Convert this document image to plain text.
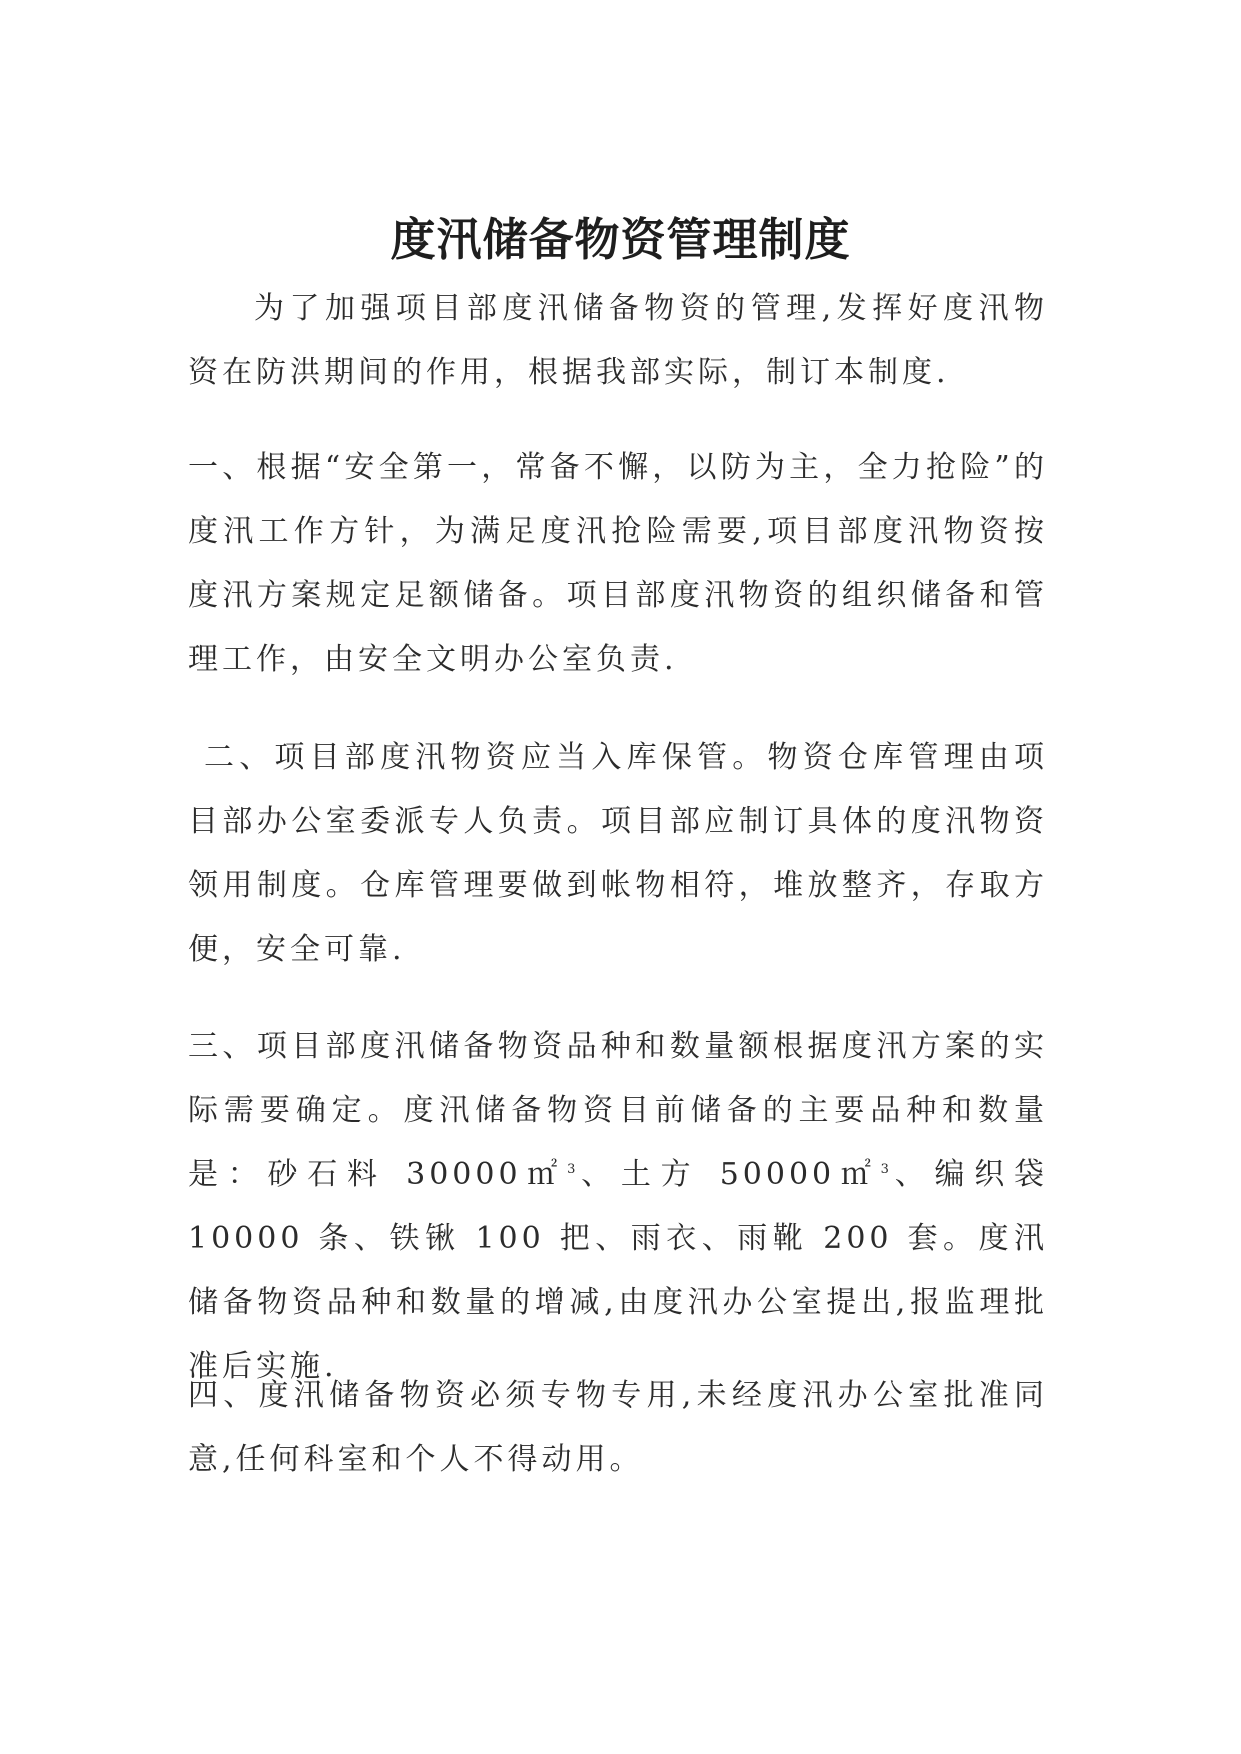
度汛储备物资管理制度

为了加强项目部度汛储备物资的管理,发挥好度汛物资在防洪期间的作用，根据我部实际，制订本制度.

一、根据“安全第一，常备不懈，以防为主，全力抢险”的度汛工作方针，为满足度汛抢险需要,项目部度汛物资按度汛方案规定足额储备。项目部度汛物资的组织储备和管理工作，由安全文明办公室负责.

二、项目部度汛物资应当入库保管。物资仓库管理由项目部办公室委派专人负责。项目部应制订具体的度汛物资领用制度。仓库管理要做到帐物相符，堆放整齐，存取方便，安全可靠.

三、项目部度汛储备物资品种和数量额根据度汛方案的实际需要确定。度汛储备物资目前储备的主要品种和数量是：砂石料 30000㎡$^3$、土方 50000㎡$^3$、编织袋 10000 条、铁锹 100 把、雨衣、雨靴 200 套。度汛储备物资品种和数量的增减,由度汛办公室提出,报监理批准后实施.

四、度汛储备物资必须专物专用,未经度汛办公室批准同意,任何科室和个人不得动用。
